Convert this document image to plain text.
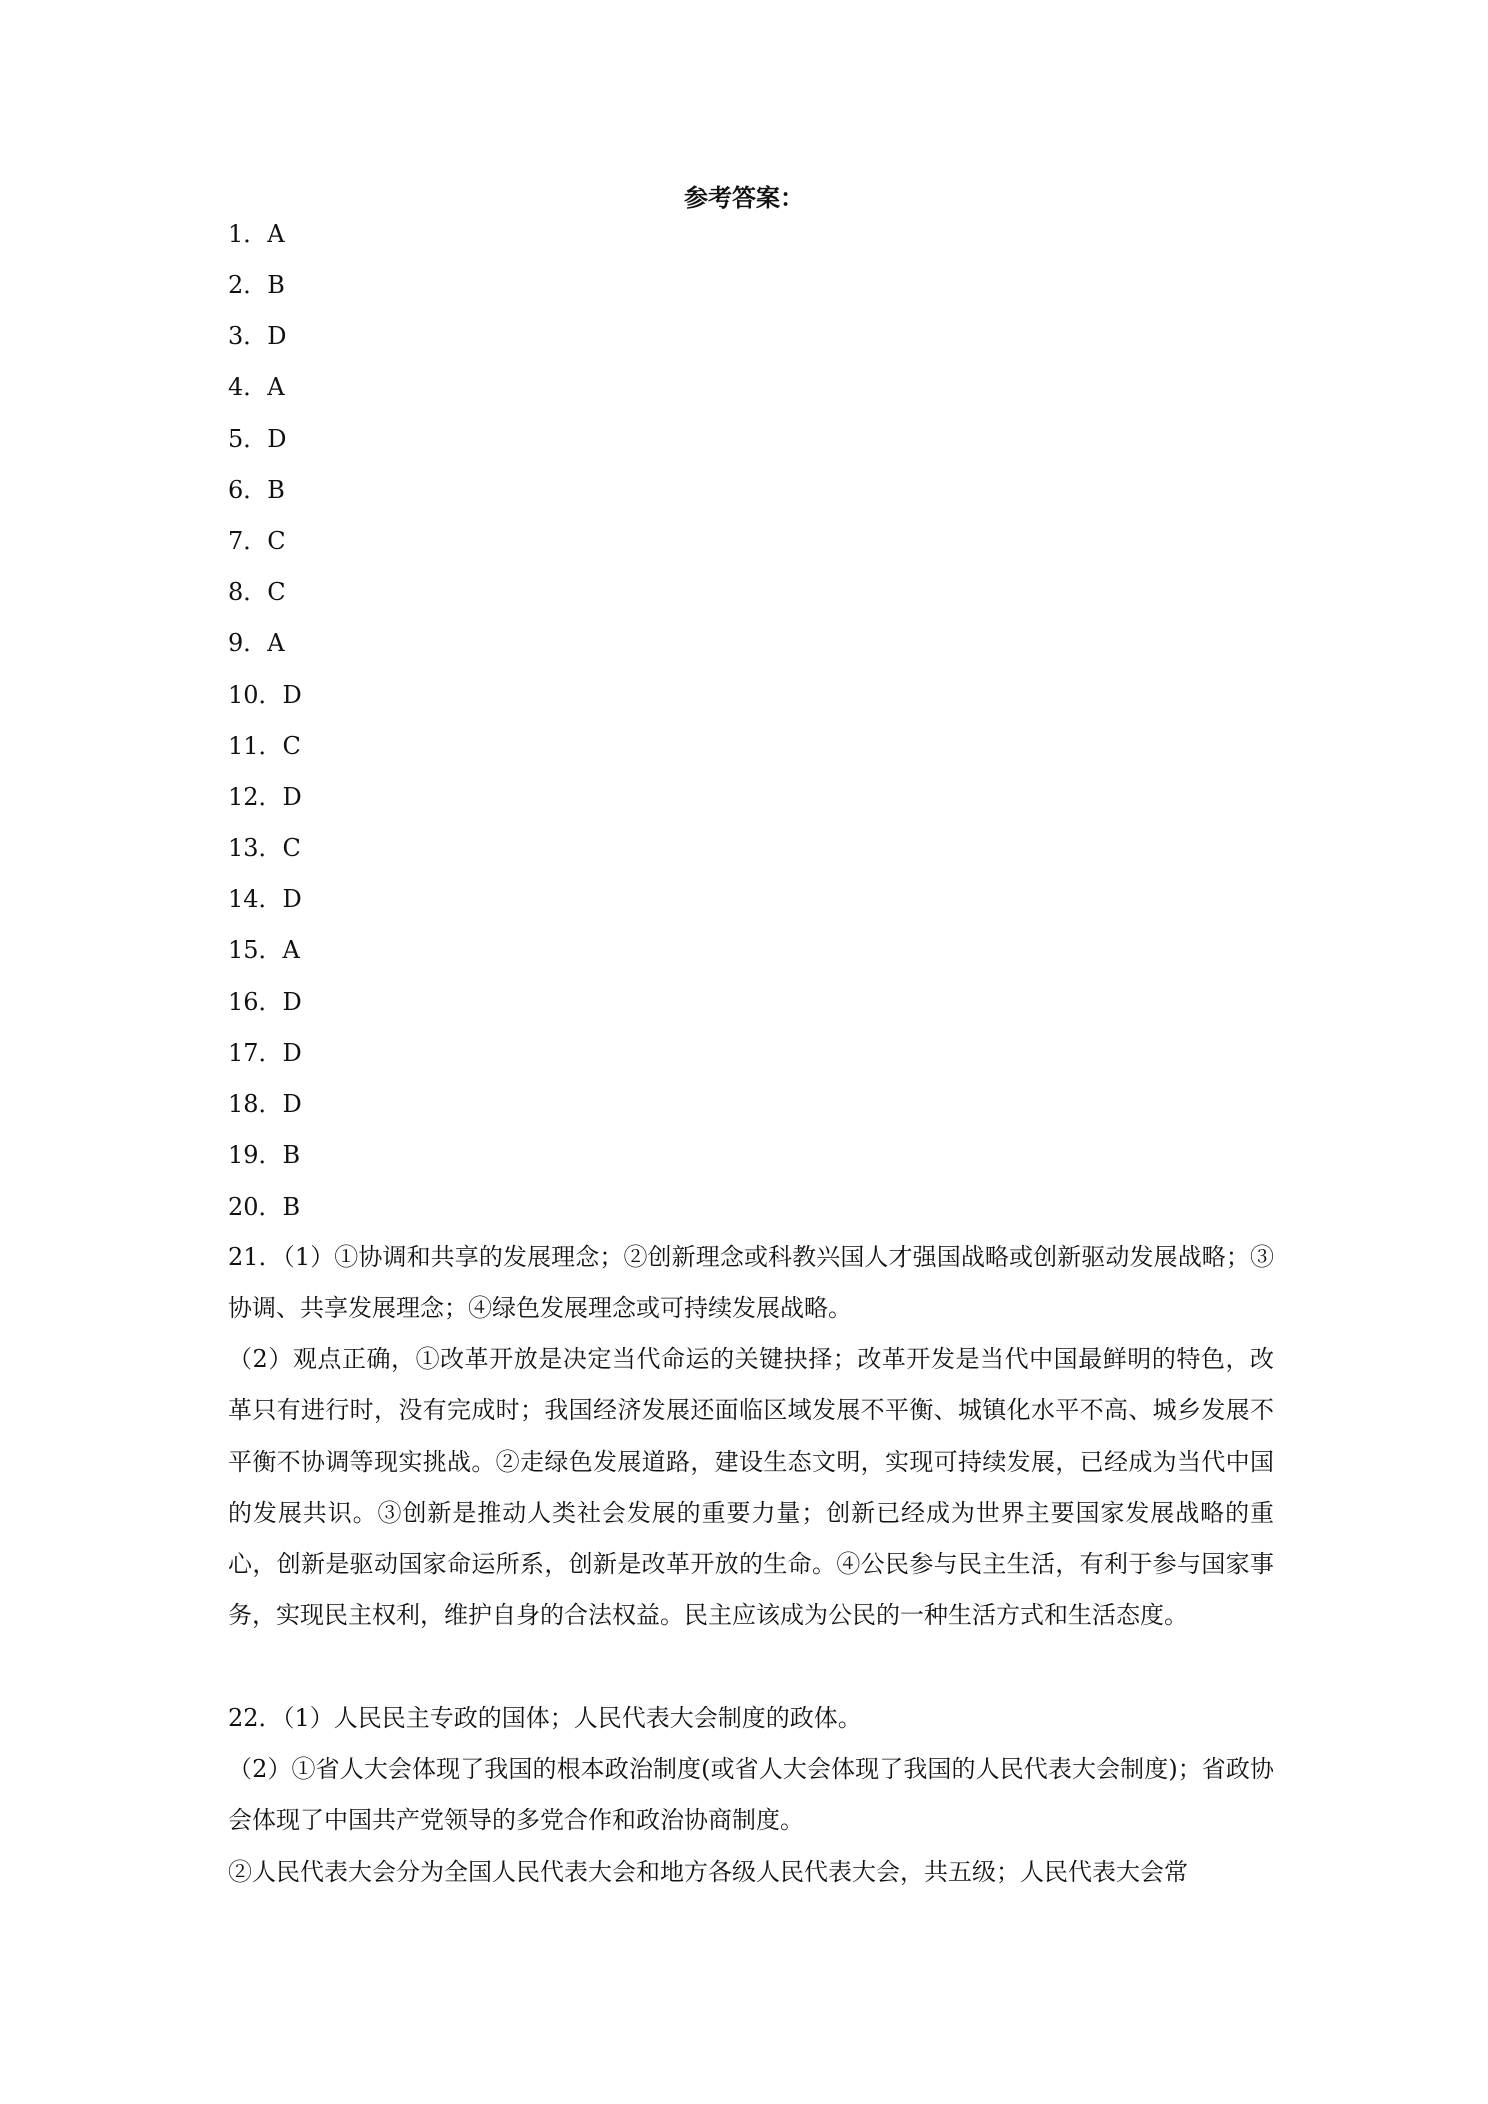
参考答案：
1．A
2．B
3．D
4．A
5．D
6．B
7．C
8．C
9．A
10．D
11．C
12．D
13．C
14．D
15．A
16．D
17．D
18．D
19．B
20．B
21．（1）①协调和共享的发展理念；②创新理念或科教兴国人才强国战略或创新驱动发展战略；③协调、共享发展理念；④绿色发展理念或可持续发展战略。
（2）观点正确，①改革开放是决定当代命运的关键抉择；改革开发是当代中国最鲜明的特色，改革只有进行时，没有完成时；我国经济发展还面临区域发展不平衡、城镇化水平不高、城乡发展不平衡不协调等现实挑战。②走绿色发展道路，建设生态文明，实现可持续发展，已经成为当代中国的发展共识。③创新是推动人类社会发展的重要力量；创新已经成为世界主要国家发展战略的重心，创新是驱动国家命运所系，创新是改革开放的生命。④公民参与民主生活，有利于参与国家事务，实现民主权利，维护自身的合法权益。民主应该成为公民的一种生活方式和生活态度。
22．（1）人民民主专政的国体；人民代表大会制度的政体。
（2）①省人大会体现了我国的根本政治制度(或省人大会体现了我国的人民代表大会制度)；省政协会体现了中国共产党领导的多党合作和政治协商制度。
②人民代表大会分为全国人民代表大会和地方各级人民代表大会，共五级；人民代表大会常
